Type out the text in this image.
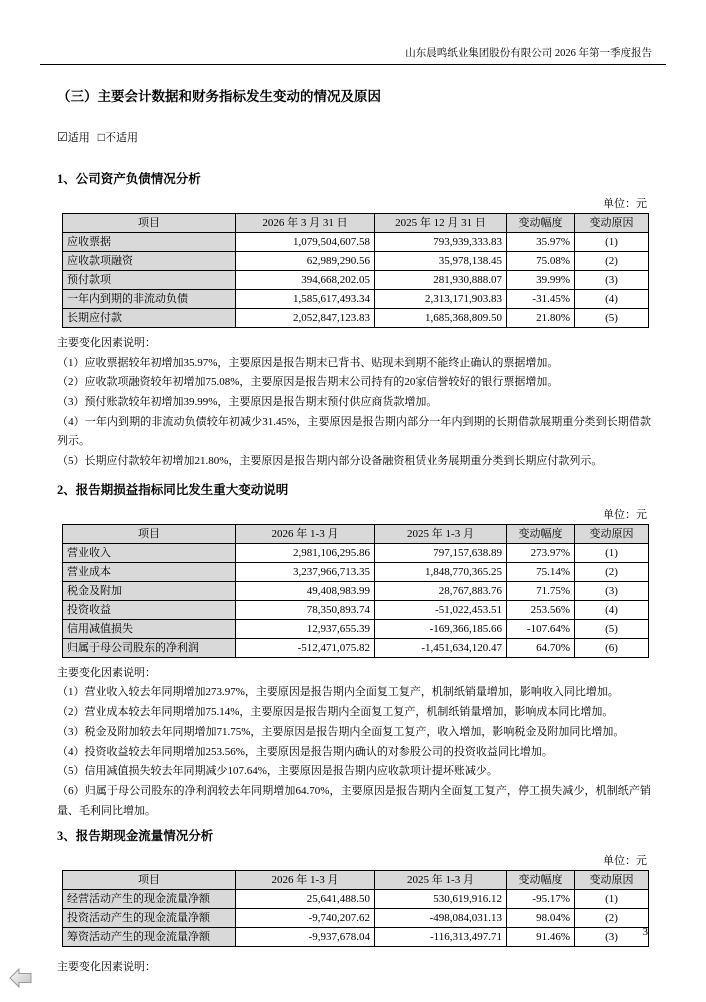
山东晨鸣纸业集团股份有限公司 2026 年第一季度报告
（三）主要会计数据和财务指标发生变动的情况及原因
☑适用 □不适用
1、公司资产负债情况分析
单位：元
项目	2026 年 3 月 31 日	2025 年 12 月 31 日	变动幅度	变动原因
应收票据	1,079,504,607.58	793,939,333.83	35.97%	(1)
应收款项融资	62,989,290.56	35,978,138.45	75.08%	(2)
预付款项	394,668,202.05	281,930,888.07	39.99%	(3)
一年内到期的非流动负债	1,585,617,493.34	2,313,171,903.83	-31.45%	(4)
长期应付款	2,052,847,123.83	1,685,368,809.50	21.80%	(5)
主要变化因素说明：

（1）应收票据较年初增加35.97%，主要原因是报告期末已背书、贴现未到期不能终止确认的票据增加。

（2）应收款项融资较年初增加75.08%，主要原因是报告期末公司持有的20家信誉较好的银行票据增加。

（3）预付账款较年初增加39.99%，主要原因是报告期末预付供应商货款增加。

（4）一年内到期的非流动负债较年初减少31.45%，主要原因是报告期内部分一年内到期的长期借款展期重分类到长期借款列示。

（5）长期应付款较年初增加21.80%，主要原因是报告期内部分设备融资租赁业务展期重分类到长期应付款列示。

2、报告期损益指标同比发生重大变动说明
单位：元
项目	2026 年 1-3 月	2025 年 1-3 月	变动幅度	变动原因
营业收入	2,981,106,295.86	797,157,638.89	273.97%	(1)
营业成本	3,237,966,713.35	1,848,770,365.25	75.14%	(2)
税金及附加	49,408,983.99	28,767,883.76	71.75%	(3)
投资收益	78,350,893.74	-51,022,453.51	253.56%	(4)
信用减值损失	12,937,655.39	-169,366,185.66	-107.64%	(5)
归属于母公司股东的净利润	-512,471,075.82	-1,451,634,120.47	64.70%	(6)
主要变化因素说明：

（1）营业收入较去年同期增加273.97%，主要原因是报告期内全面复工复产，机制纸销量增加，影响收入同比增加。

（2）营业成本较去年同期增加75.14%，主要原因是报告期内全面复工复产，机制纸销量增加，影响成本同比增加。

（3）税金及附加较去年同期增加71.75%，主要原因是报告期内全面复工复产，收入增加，影响税金及附加同比增加。

（4）投资收益较去年同期增加253.56%，主要原因是报告期内确认的对参股公司的投资收益同比增加。

（5）信用减值损失较去年同期减少107.64%，主要原因是报告期内应收款项计提坏账减少。

（6）归属于母公司股东的净利润较去年同期增加64.70%，主要原因是报告期内全面复工复产，停工损失减少，机制纸产销量、毛利同比增加。

3、报告期现金流量情况分析
单位：元
项目	2026 年 1-3 月	2025 年 1-3 月	变动幅度	变动原因
经营活动产生的现金流量净额	25,641,488.50	530,619,916.12	-95.17%	(1)
投资活动产生的现金流量净额	-9,740,207.62	-498,084,031.13	98.04%	(2)
筹资活动产生的现金流量净额	-9,937,678.04	-116,313,497.71	91.46%	(3)
主要变化因素说明：
3
